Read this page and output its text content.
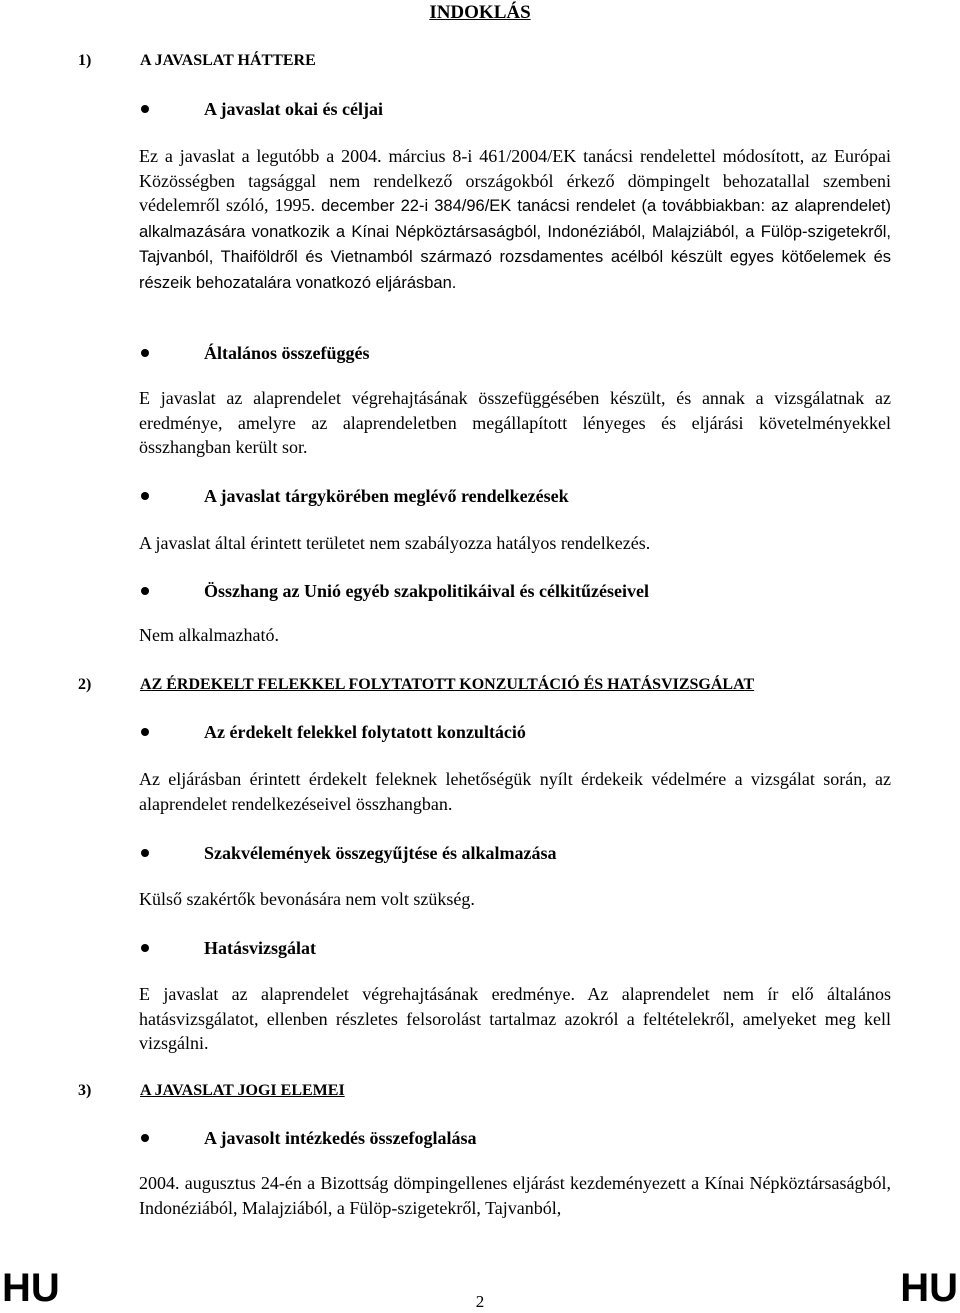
INDOKLÁS
1)	A JAVASLAT HÁTTERE
A javaslat okai és céljai

Ez a javaslat a legutóbb a 2004. március 8-i 461/2004/EK tanácsi rendelettel módosított, az Európai Közösségben tagsággal nem rendelkező országokból érkező dömpingelt behozatallal szembeni védelemről szóló, 1995. december 22-i 384/96/EK tanácsi rendelet (a továbbiakban: az alaprendelet) alkalmazására vonatkozik a Kínai Népköztársaságból, Indonéziából, Malajziából, a Fülöp-szigetekről, Tajvanból, Thaiföldről és Vietnamból származó rozsdamentes acélból készült egyes kötőelemek és részeik behozatalára vonatkozó eljárásban.

Általános összefüggés

E javaslat az alaprendelet végrehajtásának összefüggésében készült, és annak a vizsgálatnak az eredménye, amelyre az alaprendeletben megállapított lényeges és eljárási követelményekkel összhangban került sor.

A javaslat tárgykörében meglévő rendelkezések

A javaslat által érintett területet nem szabályozza hatályos rendelkezés.

Összhang az Unió egyéb szakpolitikáival és célkitűzéseivel

Nem alkalmazható.

2)	AZ ÉRDEKELT FELEKKEL FOLYTATOTT KONZULTÁCIÓ ÉS HATÁSVIZSGÁLAT
Az érdekelt felekkel folytatott konzultáció

Az eljárásban érintett érdekelt feleknek lehetőségük nyílt érdekeik védelmére a vizsgálat során, az alaprendelet rendelkezéseivel összhangban.

Szakvélemények összegyűjtése és alkalmazása

Külső szakértők bevonására nem volt szükség.

Hatásvizsgálat

E javaslat az alaprendelet végrehajtásának eredménye. Az alaprendelet nem ír elő általános hatásvizsgálatot, ellenben részletes felsorolást tartalmaz azokról a feltételekről, amelyeket meg kell vizsgálni.

3)	A JAVASLAT JOGI ELEMEI
A javasolt intézkedés összefoglalása

2004. augusztus 24-én a Bizottság dömpingellenes eljárást kezdeményezett a Kínai Népköztársaságból, Indonéziából, Malajziából, a Fülöp-szigetekről, Tajvanból,

HU	2	HU
